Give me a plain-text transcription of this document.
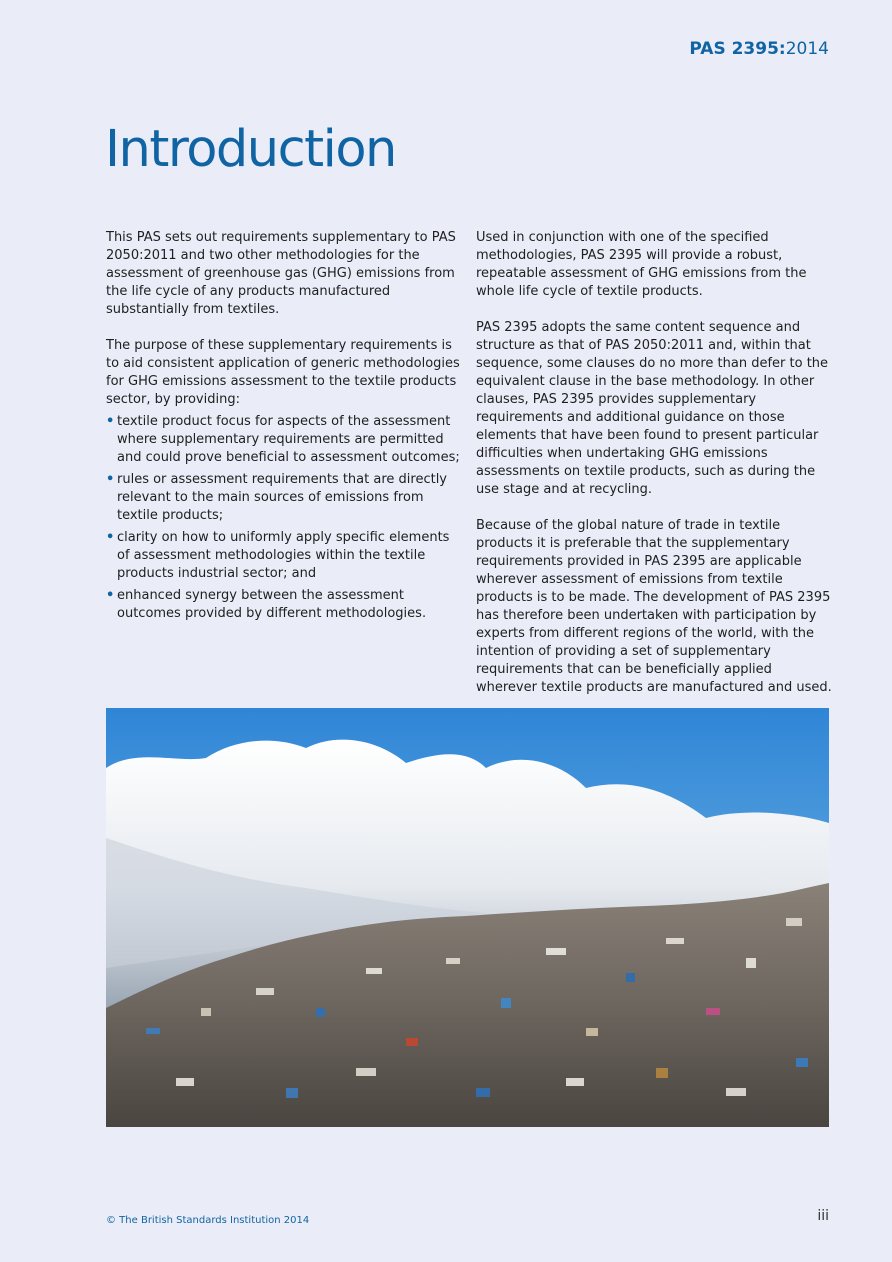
PAS 2395:2014
Introduction

This PAS sets out requirements supplementary to PAS 2050:2011 and two other methodologies for the assessment of greenhouse gas (GHG) emissions from the life cycle of any products manufactured substantially from textiles.

The purpose of these supplementary requirements is to aid consistent application of generic methodologies for GHG emissions assessment to the textile products sector, by providing:

• textile product focus for aspects of the assessment where supplementary requirements are permitted and could prove beneficial to assessment outcomes;
• rules or assessment requirements that are directly relevant to the main sources of emissions from textile products;
• clarity on how to uniformly apply specific elements of assessment methodologies within the textile products industrial sector; and
• enhanced synergy between the assessment outcomes provided by different methodologies.

Used in conjunction with one of the specified methodologies, PAS 2395 will provide a robust, repeatable assessment of GHG emissions from the whole life cycle of textile products.

PAS 2395 adopts the same content sequence and structure as that of PAS 2050:2011 and, within that sequence, some clauses do no more than defer to the equivalent clause in the base methodology. In other clauses, PAS 2395 provides supplementary requirements and additional guidance on those elements that have been found to present particular difficulties when undertaking GHG emissions assessments on textile products, such as during the use stage and at recycling.

Because of the global nature of trade in textile products it is preferable that the supplementary requirements provided in PAS 2395 are applicable wherever assessment of emissions from textile products is to be made. The development of PAS 2395 has therefore been undertaken with participation by experts from different regions of the world, with the intention of providing a set of supplementary requirements that can be beneficially applied wherever textile products are manufactured and used.

© The British Standards Institution 2014	iii
